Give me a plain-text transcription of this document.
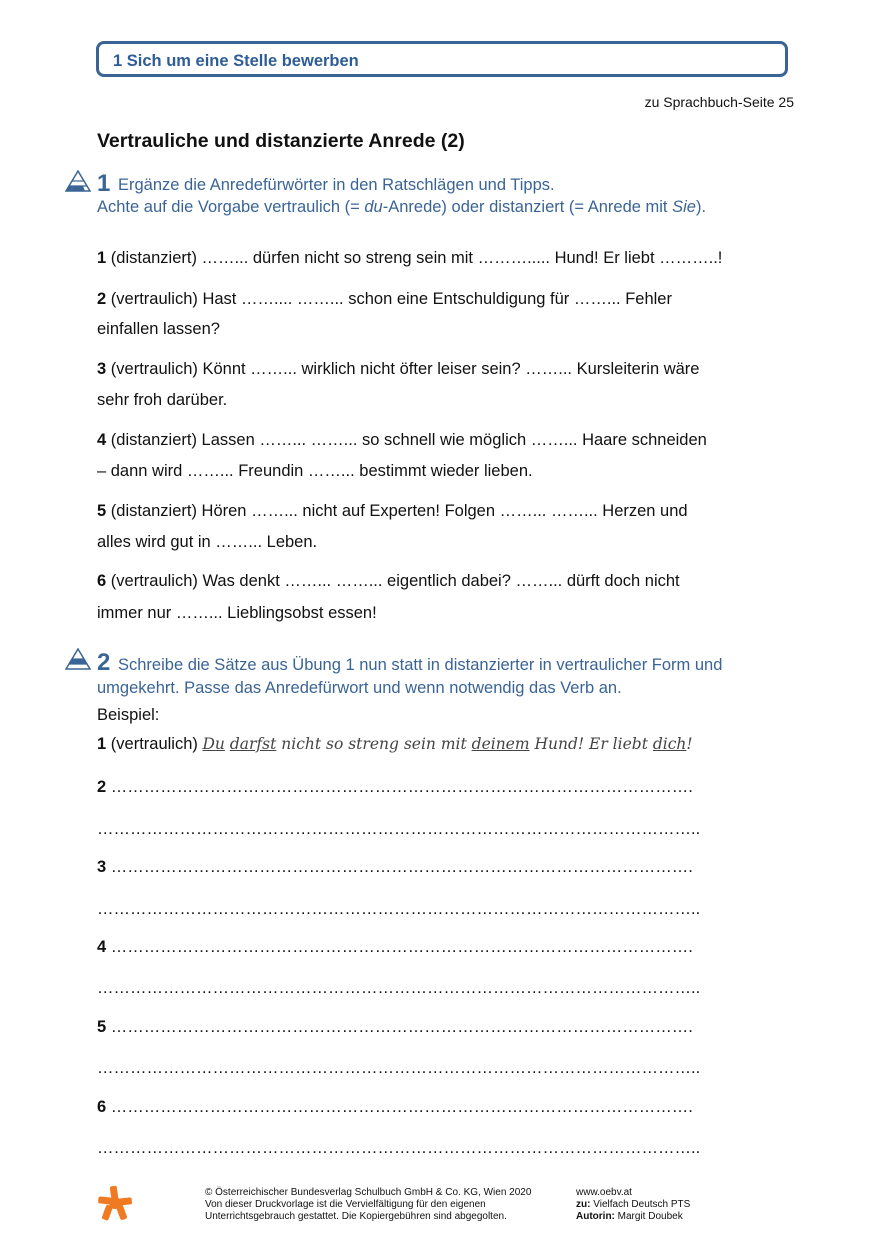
1 Sich um eine Stelle bewerben
zu Sprachbuch-Seite 25
Vertrauliche und distanzierte Anrede (2)
1 Ergänze die Anredefürwörter in den Ratschlägen und Tipps.
Achte auf die Vorgabe vertraulich (= du-Anrede) oder distanziert (= Anrede mit Sie).
1 (distanziert) ……... dürfen nicht so streng sein mit ………..... Hund! Er liebt ………..!
2 (vertraulich) Hast …….... ……... schon eine Entschuldigung für ……... Fehler
einfallen lassen?
3 (vertraulich) Könnt ……... wirklich nicht öfter leiser sein? ……... Kursleiterin wäre
sehr froh darüber.
4 (distanziert) Lassen ……... ……... so schnell wie möglich ……... Haare schneiden
– dann wird ……... Freundin ……... bestimmt wieder lieben.
5 (distanziert) Hören ……... nicht auf Experten! Folgen ……... ……... Herzen und
alles wird gut in ……... Leben.
6 (vertraulich) Was denkt ……... ……... eigentlich dabei? ……... dürft doch nicht
immer nur ……... Lieblingsobst essen!
2 Schreibe die Sätze aus Übung 1 nun statt in distanzierter in vertraulicher Form und
umgekehrt. Passe das Anredefürwort und wenn notwendig das Verb an.
Beispiel:
1 (vertraulich) Du darfst nicht so streng sein mit deinem Hund! Er liebt dich!
2 …………………………………………………………………………………………….
………………………………………………………………………………………………..
3 …………………………………………………………………………………………….
………………………………………………………………………………………………..
4 …………………………………………………………………………………………….
………………………………………………………………………………………………..
5 …………………………………………………………………………………………….
………………………………………………………………………………………………..
6 …………………………………………………………………………………………….
………………………………………………………………………………………………..
© Österreichischer Bundesverlag Schulbuch GmbH & Co. KG, Wien 2020
Von dieser Druckvorlage ist die Vervielfältigung für den eigenen
Unterrichtsgebrauch gestattet. Die Kopiergebühren sind abgegolten.
www.oebv.at
zu: Vielfach Deutsch PTS
Autorin: Margit Doubek
